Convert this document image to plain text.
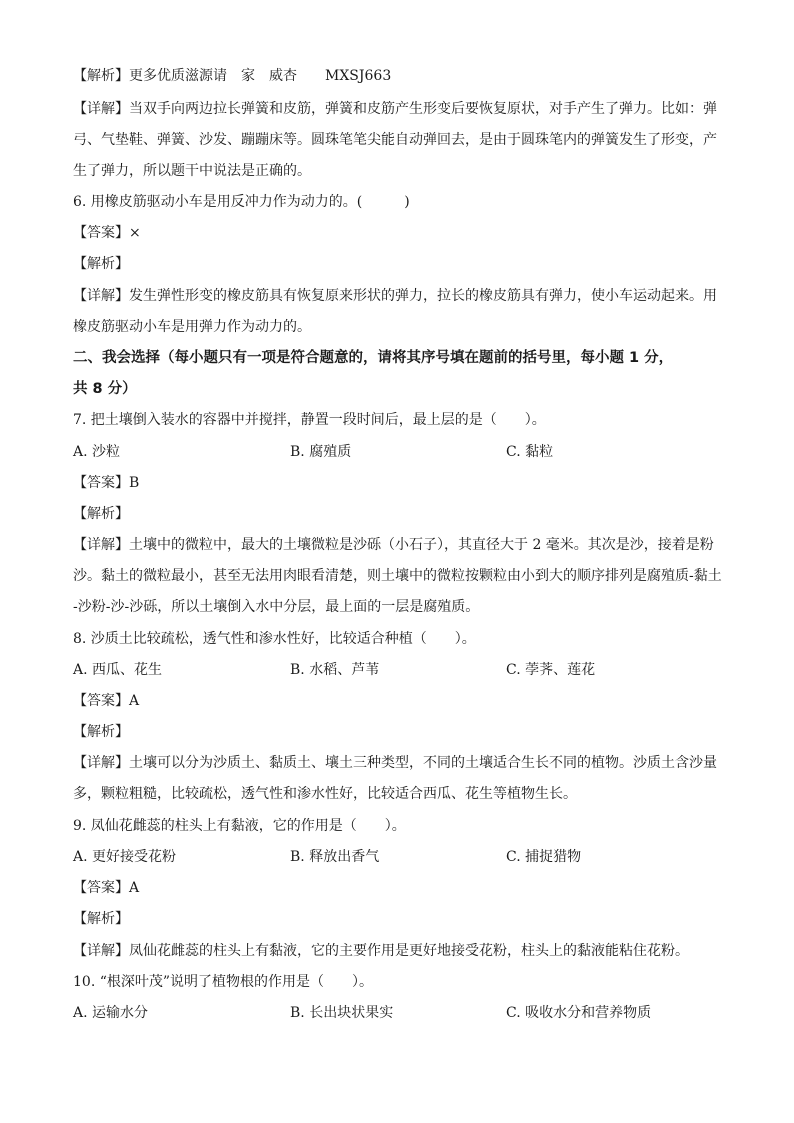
【解析】更多优质滋源请　家　威杏　　MXSJ663
【详解】当双手向两边拉长弹簧和皮筋，弹簧和皮筋产生形变后要恢复原状，对手产生了弹力。比如：弹
弓、气垫鞋、弹簧、沙发、蹦蹦床等。圆珠笔笔尖能自动弹回去，是由于圆珠笔内的弹簧发生了形变，产
生了弹力，所以题干中说法是正确的。
6. 用橡皮筋驱动小车是用反冲力作为动力的。(　　　)
【答案】×
【解析】
【详解】发生弹性形变的橡皮筋具有恢复原来形状的弹力，拉长的橡皮筋具有弹力，使小车运动起来。用
橡皮筋驱动小车是用弹力作为动力的。
二、我会选择（每小题只有一项是符合题意的，请将其序号填在题前的括号里，每小题 1 分，
共 8 分）
7. 把土壤倒入装水的容器中并搅拌，静置一段时间后，最上层的是（　　）。
A. 沙粒	B. 腐殖质	C. 黏粒
【答案】B
【解析】
【详解】土壤中的微粒中，最大的土壤微粒是沙砾（小石子），其直径大于 2 毫米。其次是沙，接着是粉
沙。黏土的微粒最小，甚至无法用肉眼看清楚，则土壤中的微粒按颗粒由小到大的顺序排列是腐殖质-黏土
-沙粉-沙-沙砾，所以土壤倒入水中分层，最上面的一层是腐殖质。
8. 沙质土比较疏松，透气性和渗水性好，比较适合种植（　　）。
A. 西瓜、花生	B. 水稻、芦苇	C. 荸荠、莲花
【答案】A
【解析】
【详解】土壤可以分为沙质土、黏质土、壤土三种类型，不同的土壤适合生长不同的植物。沙质土含沙量
多，颗粒粗糙，比较疏松，透气性和渗水性好，比较适合西瓜、花生等植物生长。
9. 凤仙花雌蕊的柱头上有黏液，它的作用是（　　）。
A. 更好接受花粉	B. 释放出香气	C. 捕捉猎物
【答案】A
【解析】
【详解】凤仙花雌蕊的柱头上有黏液，它的主要作用是更好地接受花粉，柱头上的黏液能粘住花粉。
10. “根深叶茂”说明了植物根的作用是（　　）。
A. 运输水分	B. 长出块状果实	C. 吸收水分和营养物质
